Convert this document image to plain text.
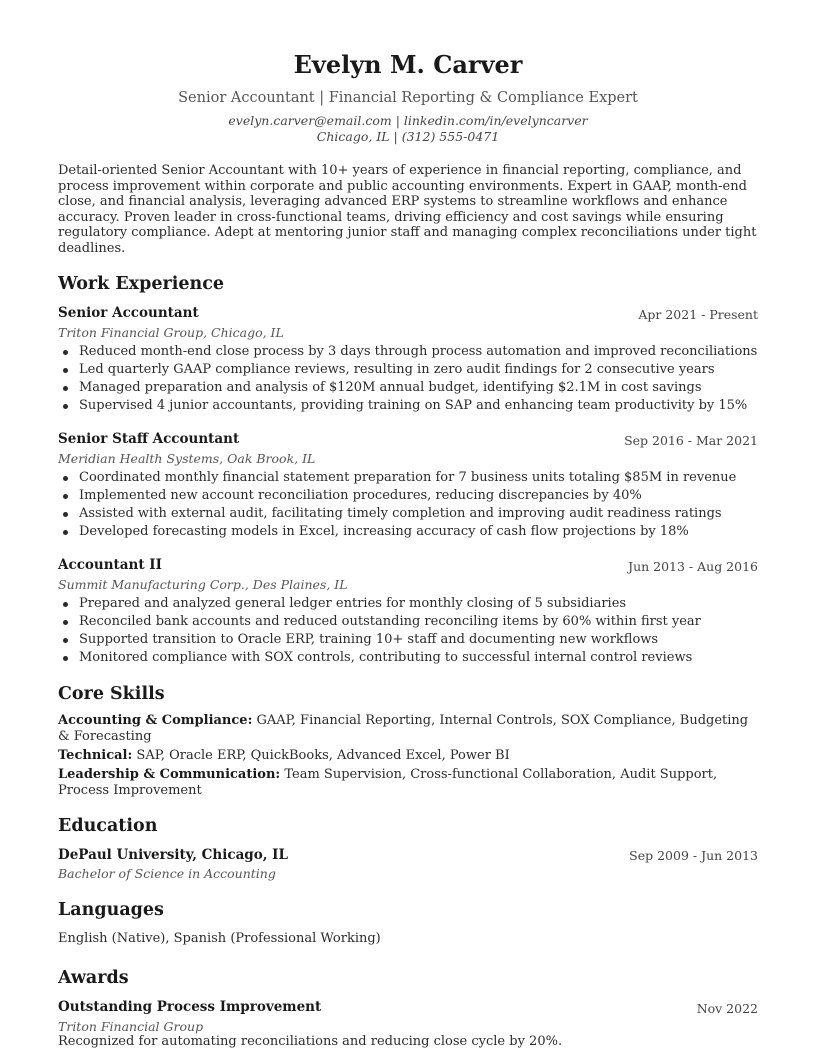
Evelyn M. Carver
Senior Accountant | Financial Reporting & Compliance Expert
evelyn.carver@email.com | linkedin.com/in/evelyncarver
Chicago, IL | (312) 555-0471
Detail-oriented Senior Accountant with 10+ years of experience in financial reporting, compliance, and process improvement within corporate and public accounting environments. Expert in GAAP, month-end close, and financial analysis, leveraging advanced ERP systems to streamline workflows and enhance accuracy. Proven leader in cross-functional teams, driving efficiency and cost savings while ensuring regulatory compliance. Adept at mentoring junior staff and managing complex reconciliations under tight deadlines.
Work Experience
Senior Accountant	Apr 2021 - Present
Triton Financial Group, Chicago, IL
Reduced month-end close process by 3 days through process automation and improved reconciliations
Led quarterly GAAP compliance reviews, resulting in zero audit findings for 2 consecutive years
Managed preparation and analysis of $120M annual budget, identifying $2.1M in cost savings
Supervised 4 junior accountants, providing training on SAP and enhancing team productivity by 15%
Senior Staff Accountant	Sep 2016 - Mar 2021
Meridian Health Systems, Oak Brook, IL
Coordinated monthly financial statement preparation for 7 business units totaling $85M in revenue
Implemented new account reconciliation procedures, reducing discrepancies by 40%
Assisted with external audit, facilitating timely completion and improving audit readiness ratings
Developed forecasting models in Excel, increasing accuracy of cash flow projections by 18%
Accountant II	Jun 2013 - Aug 2016
Summit Manufacturing Corp., Des Plaines, IL
Prepared and analyzed general ledger entries for monthly closing of 5 subsidiaries
Reconciled bank accounts and reduced outstanding reconciling items by 60% within first year
Supported transition to Oracle ERP, training 10+ staff and documenting new workflows
Monitored compliance with SOX controls, contributing to successful internal control reviews
Core Skills
Accounting & Compliance: GAAP, Financial Reporting, Internal Controls, SOX Compliance, Budgeting & Forecasting
Technical: SAP, Oracle ERP, QuickBooks, Advanced Excel, Power BI
Leadership & Communication: Team Supervision, Cross-functional Collaboration, Audit Support, Process Improvement
Education
DePaul University, Chicago, IL	Sep 2009 - Jun 2013
Bachelor of Science in Accounting
Languages
English (Native), Spanish (Professional Working)
Awards
Outstanding Process Improvement	Nov 2022
Triton Financial Group
Recognized for automating reconciliations and reducing close cycle by 20%.
